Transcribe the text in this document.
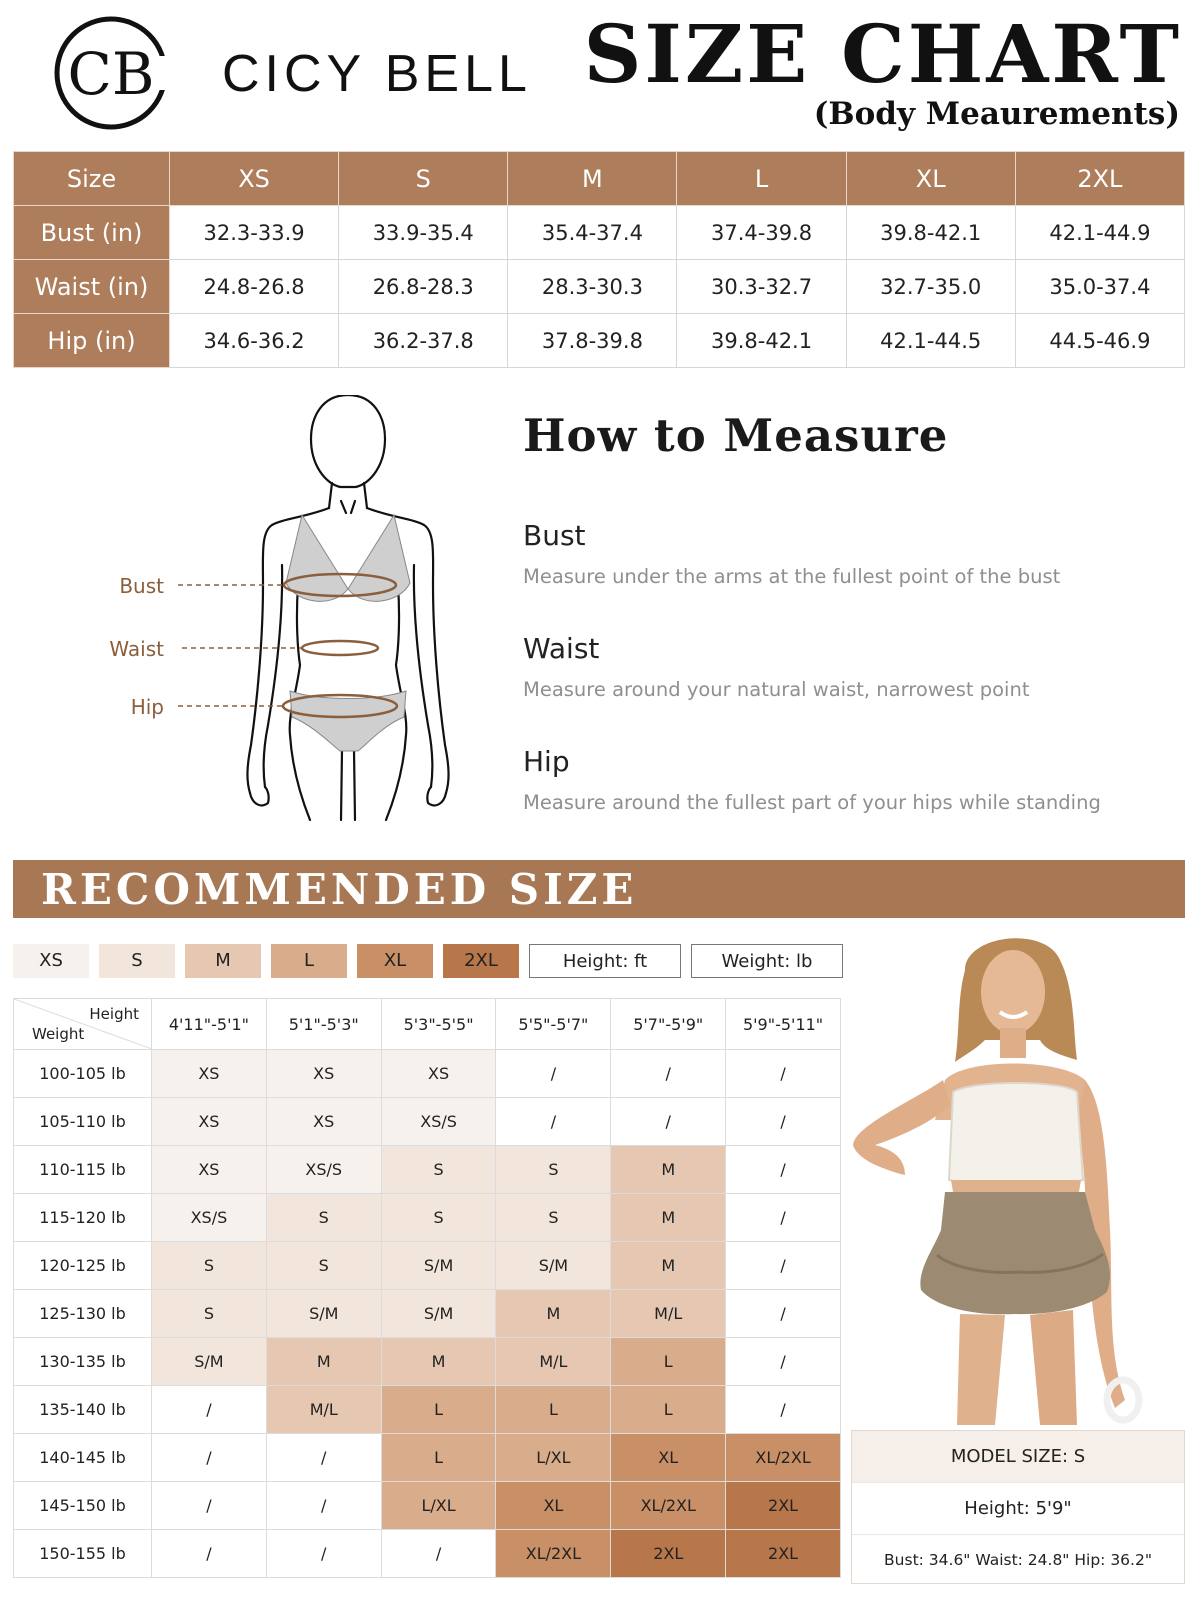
CB CICY BELL SIZE CHART
(Body Meaurements)
Size	XS	S	M	L	XL	2XL
Bust (in)	32.3-33.9	33.9-35.4	35.4-37.4	37.4-39.8	39.8-42.1	42.1-44.9
Waist (in)	24.8-26.8	26.8-28.3	28.3-30.3	30.3-32.7	32.7-35.0	35.0-37.4
Hip (in)	34.6-36.2	36.2-37.8	37.8-39.8	39.8-42.1	42.1-44.5	44.5-46.9
Bust
Waist
Hip
How to Measure
Bust
Measure under the arms at the fullest point of the bust
Waist
Measure around your natural waist, narrowest point
Hip
Measure around the fullest part of your hips while standing
RECOMMENDED SIZE
XS	S	M	L	XL	2XL	Height: ft	Weight: lb
Height
Weight	4'11"-5'1"	5'1"-5'3"	5'3"-5'5"	5'5"-5'7"	5'7"-5'9"	5'9"-5'11"
100-105 lb	XS	XS	XS	/	/	/
105-110 lb	XS	XS	XS/S	/	/	/
110-115 lb	XS	XS/S	S	S	M	/
115-120 lb	XS/S	S	S	S	M	/
120-125 lb	S	S	S/M	S/M	M	/
125-130 lb	S	S/M	S/M	M	M/L	/
130-135 lb	S/M	M	M	M/L	L	/
135-140 lb	/	M/L	L	L	L	/
140-145 lb	/	/	L	L/XL	XL	XL/2XL
145-150 lb	/	/	L/XL	XL	XL/2XL	2XL
150-155 lb	/	/	/	XL/2XL	2XL	2XL
MODEL SIZE: S
Height: 5'9"
Bust: 34.6" Waist: 24.8" Hip: 36.2"
